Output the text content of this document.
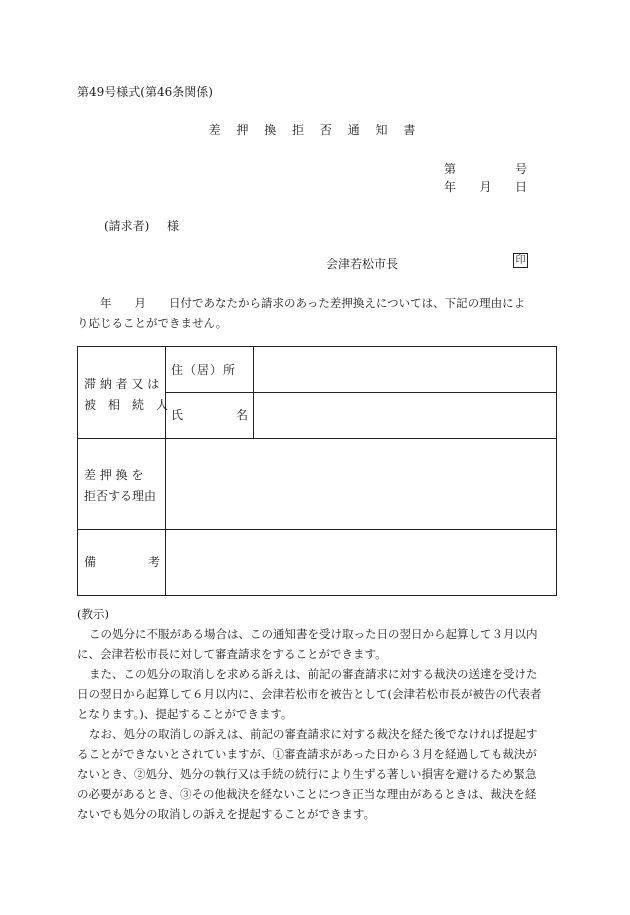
第49号様式(第46条関係)
差 押 換 拒 否 通 知 書
第	号
年 月 日
(請求者) 様
会津若松市長	印

　　年　　月　　日付であなたから請求のあった差押換えについては、下記の理由によ

り応じることができません。

滞 納 者 又 は
被　相　続　人
住（居）所
氏	名
差 押 換 を
拒否する理由
備	考

(教示)

この処分に不服がある場合は、この通知書を受け取った日の翌日から起算して３月以内

に、会津若松市長に対して審査請求をすることができます。

また、この処分の取消しを求める訴えは、前記の審査請求に対する裁決の送達を受けた

日の翌日から起算して６月以内に、会津若松市を被告として(会津若松市長が被告の代表者

となります。)、提起することができます。

なお、処分の取消しの訴えは、前記の審査請求に対する裁決を経た後でなければ提起す

ることができないとされていますが、①審査請求があった日から３月を経過しても裁決が

ないとき、②処分、処分の執行又は手続の続行により生ずる著しい損害を避けるため緊急

の必要があるとき、③その他裁決を経ないことにつき正当な理由があるときは、裁決を経

ないでも処分の取消しの訴えを提起することができます。
